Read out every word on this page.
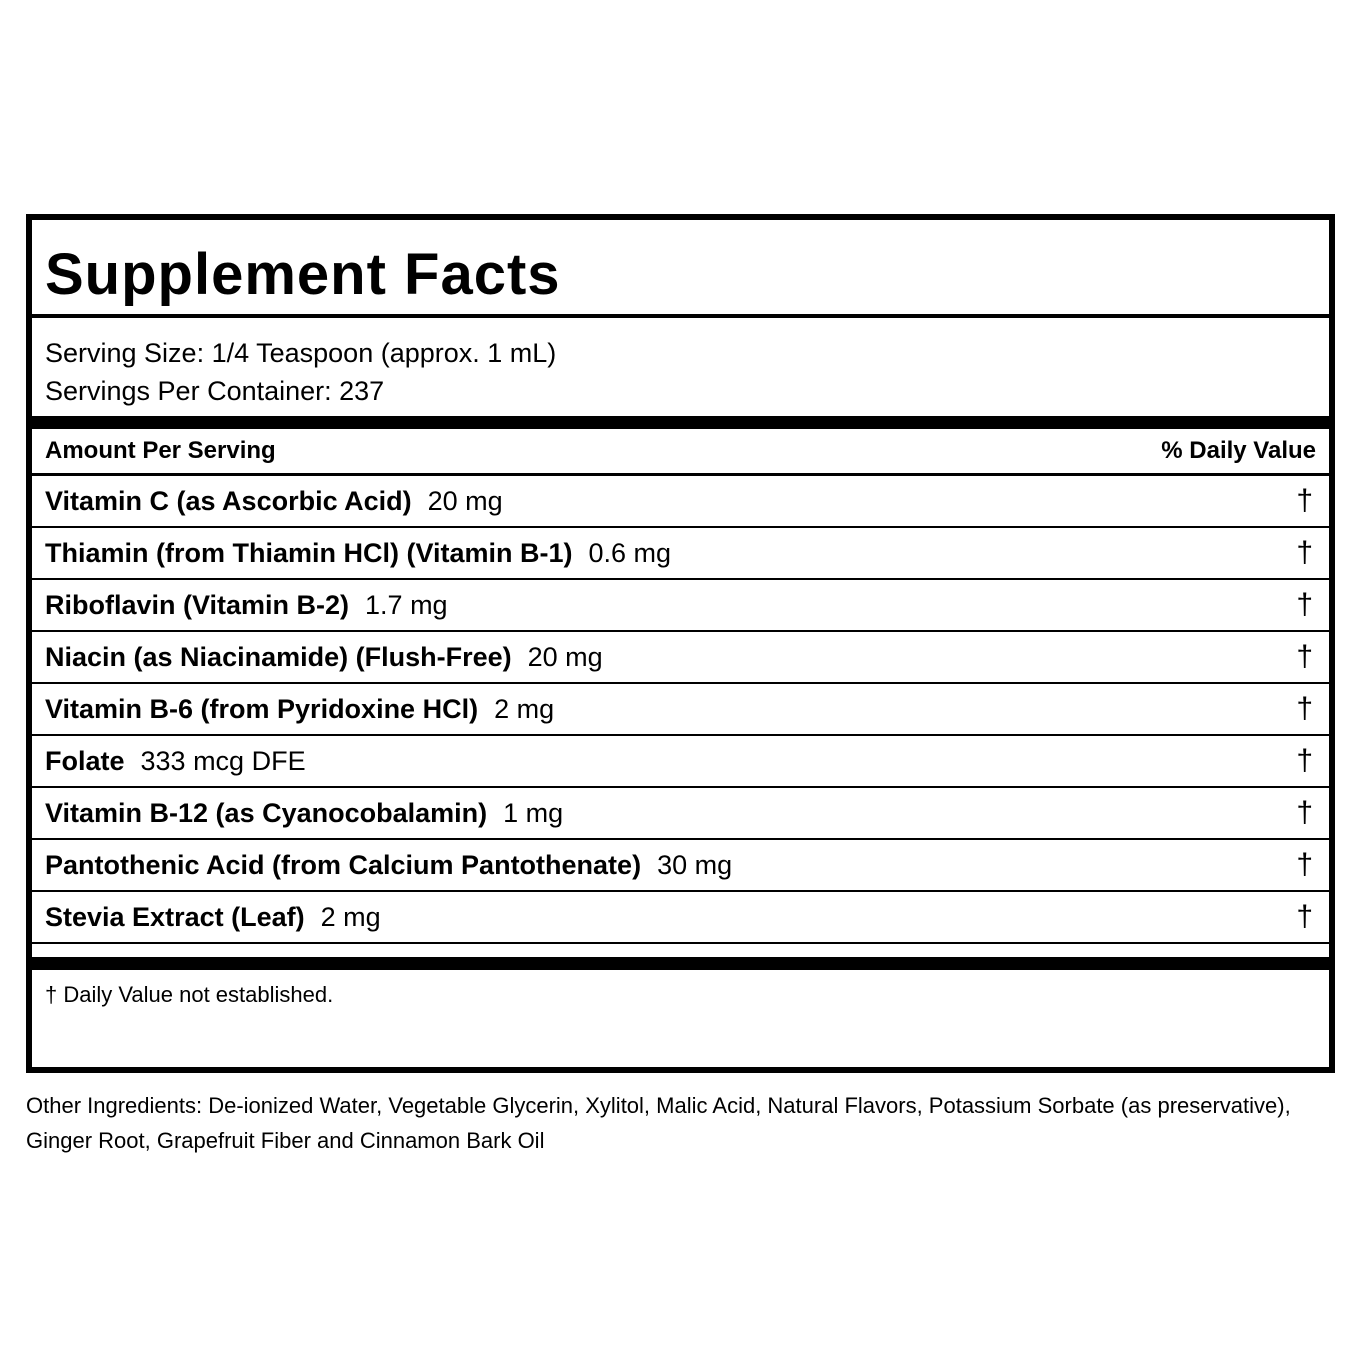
Supplement Facts
Serving Size: 1/4 Teaspoon (approx. 1 mL)
Servings Per Container: 237
Amount Per Serving	% Daily Value
Vitamin C (as Ascorbic Acid) 20 mg	†
Thiamin (from Thiamin HCl) (Vitamin B-1) 0.6 mg	†
Riboflavin (Vitamin B-2) 1.7 mg	†
Niacin (as Niacinamide) (Flush-Free) 20 mg	†
Vitamin B-6 (from Pyridoxine HCl) 2 mg	†
Folate 333 mcg DFE	†
Vitamin B-12 (as Cyanocobalamin) 1 mg	†
Pantothenic Acid (from Calcium Pantothenate) 30 mg	†
Stevia Extract (Leaf) 2 mg	†
† Daily Value not established.
Other Ingredients: De-ionized Water, Vegetable Glycerin, Xylitol, Malic Acid, Natural Flavors, Potassium Sorbate (as preservative), Ginger Root, Grapefruit Fiber and Cinnamon Bark Oil
